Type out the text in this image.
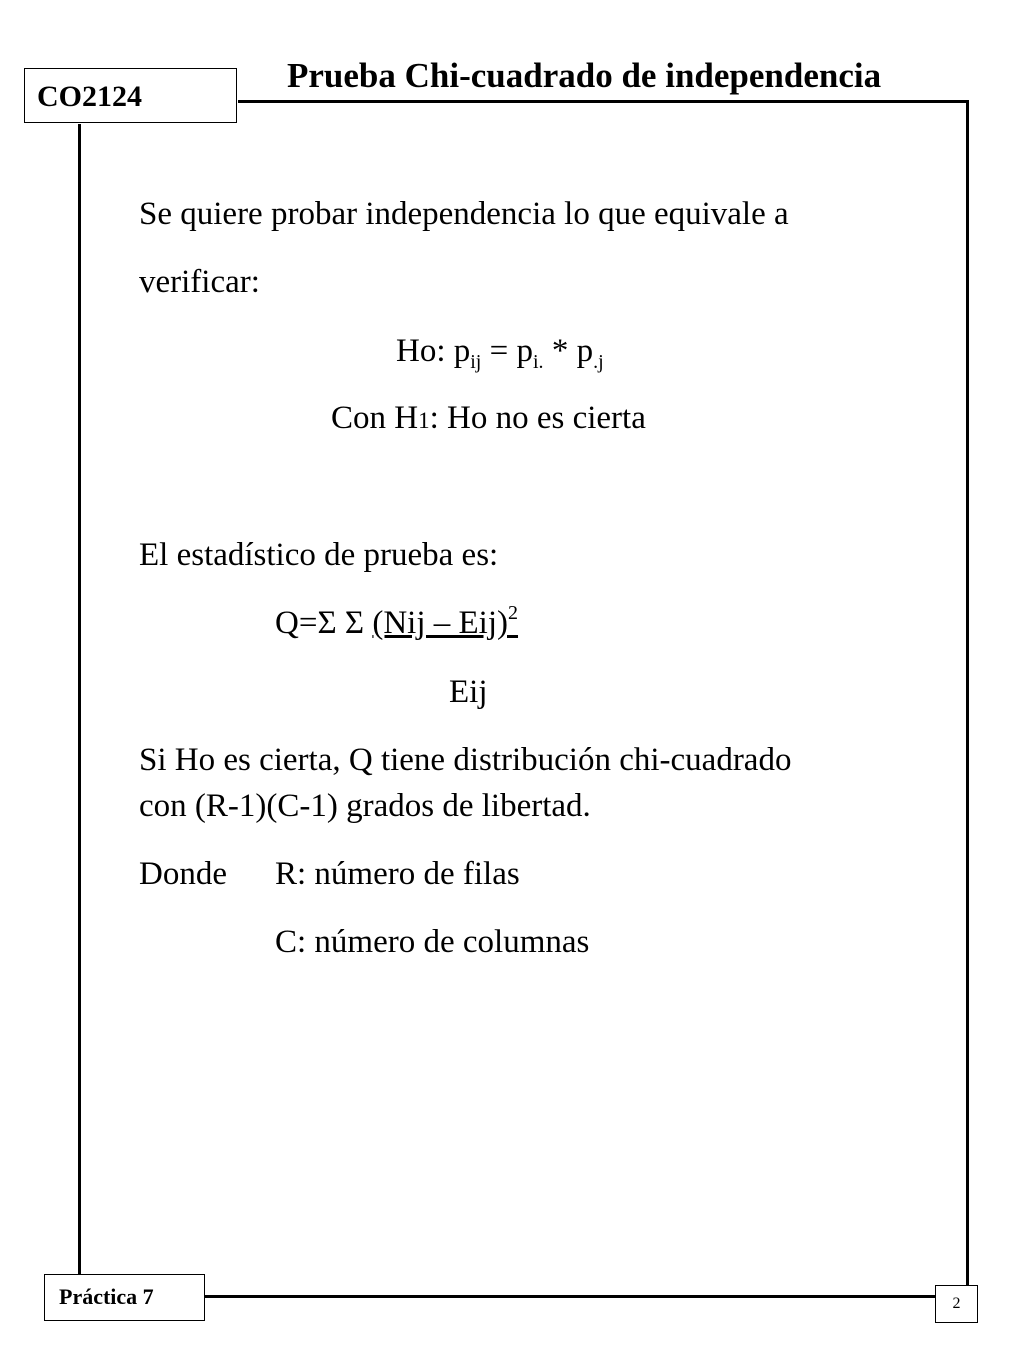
CO2124
Prueba Chi-cuadrado de independencia
Se quiere probar independencia lo que equivale a
verificar:
Ho: $p_{ij} = p_{i.} * p_{.j}$
Con H1: Ho no es cierta
El estadístico de prueba es:
Q=Σ Σ (Nij – Eij)$^2$
Eij
Si Ho es cierta, Q tiene distribución chi-cuadrado
con (R-1)(C-1) grados de libertad.
Donde R: número de filas
C: número de columnas
Práctica 7	2
